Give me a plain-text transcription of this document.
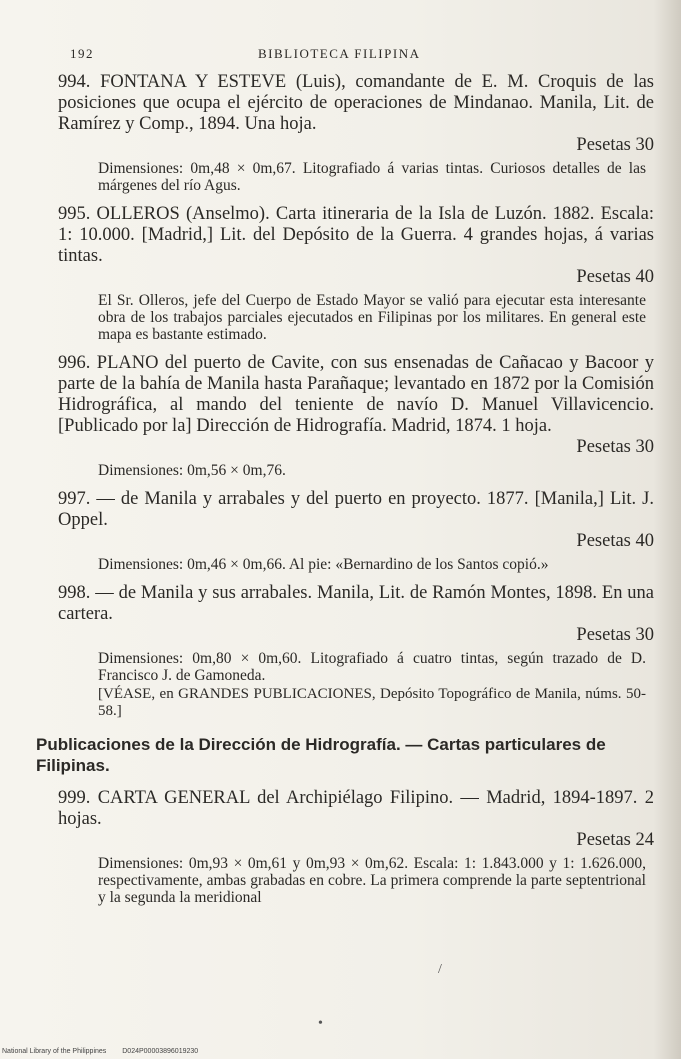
192	BIBLIOTECA FILIPINA
994. FONTANA Y ESTEVE (Luis), comandante de E. M. Croquis de las posiciones que ocupa el ejército de operaciones de Mindanao. Manila, Lit. de Ramírez y Comp., 1894. Una hoja.
Pesetas 30
Dimensiones: 0m,48 × 0m,67. Litografiado á varias tintas. Curiosos detalles de las márgenes del río Agus.
995. OLLEROS (Anselmo). Carta itineraria de la Isla de Luzón. 1882. Escala: 1: 10.000. [Madrid,] Lit. del Depósito de la Guerra. 4 grandes hojas, á varias tintas.
Pesetas 40
El Sr. Olleros, jefe del Cuerpo de Estado Mayor se valió para ejecutar esta interesante obra de los trabajos parciales ejecutados en Filipinas por los militares. En general este mapa es bastante estimado.
996. PLANO del puerto de Cavite, con sus ensenadas de Cañacao y Bacoor y parte de la bahía de Manila hasta Parañaque; levantado en 1872 por la Comisión Hidrográfica, al mando del teniente de navío D. Manuel Villavicencio. [Publicado por la] Dirección de Hidrografía. Madrid, 1874. 1 hoja.
Pesetas 30
Dimensiones: 0m,56 × 0m,76.
997. — de Manila y arrabales y del puerto en proyecto. 1877. [Manila,] Lit. J. Oppel.
Pesetas 40
Dimensiones: 0m,46 × 0m,66. Al pie: «Bernardino de los Santos copió.»
998. — de Manila y sus arrabales. Manila, Lit. de Ramón Montes, 1898. En una cartera.
Pesetas 30
Dimensiones: 0m,80 × 0m,60. Litografiado á cuatro tintas, según trazado de D. Francisco J. de Gamoneda.
[VÉASE, en GRANDES PUBLICACIONES, Depósito Topográfico de Manila, núms. 50-58.]
Publicaciones de la Dirección de Hidrografía. — Cartas particulares de Filipinas.
999. CARTA GENERAL del Archipiélago Filipino. — Madrid, 1894-1897. 2 hojas.
Pesetas 24
Dimensiones: 0m,93 × 0m,61 y 0m,93 × 0m,62. Escala: 1: 1.843.000 y 1: 1.626.000, respectivamente, ambas grabadas en cobre. La primera comprende la parte septentrional y la segunda la meridional
/
•
National Library of the Philippines D024P00003896019230
